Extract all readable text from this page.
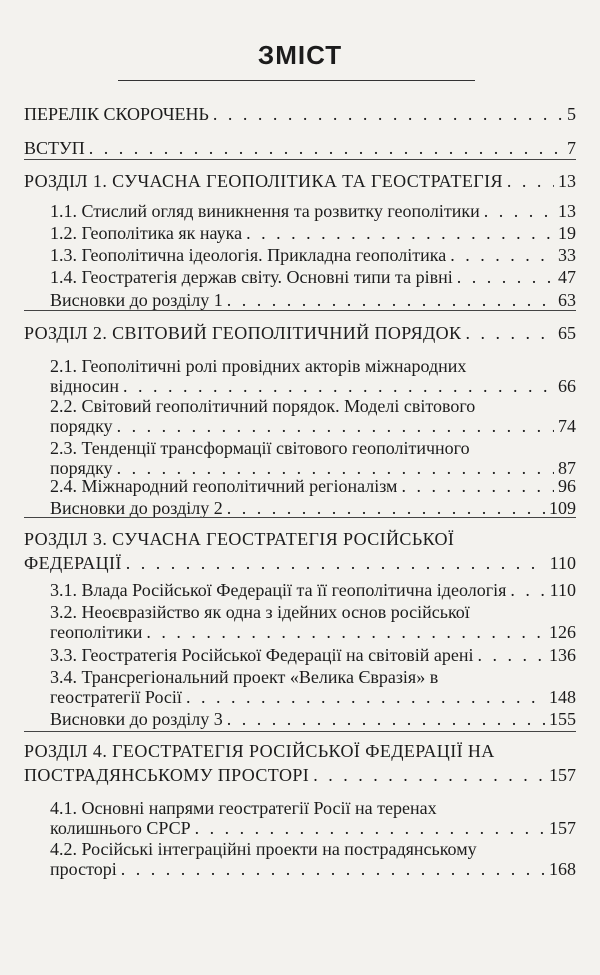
ЗМІСТ
ПЕРЕЛІК СКОРОЧЕНЬ . . .	5
ВСТУП . . .	7
РОЗДІЛ 1. СУЧАСНА ГЕОПОЛІТИКА ТА ГЕОСТРАТЕГІЯ . . .	13
1.1. Стислий огляд виникнення та розвитку геополітики . . .	13
1.2. Геополітика як наука . . .	19
1.3. Геополітична ідеологія. Прикладна геополітика . . .	33
1.4. Геостратегія держав світу. Основні типи та рівні . . .	47
Висновки до розділу 1 . . .	63
РОЗДІЛ 2. СВІТОВИЙ ГЕОПОЛІТИЧНИЙ ПОРЯДОК . . .	65
2.1. Геополітичні ролі провідних акторів міжнародних
відносин . . .	66
2.2. Світовий геополітичний порядок. Моделі світового
порядку . . .	74
2.3. Тенденції трансформації світового геополітичного
порядку . . .	87
2.4. Міжнародний геополітичний регіоналізм . . .	96
Висновки до розділу 2 . . .	109
РОЗДІЛ 3. СУЧАСНА ГЕОСТРАТЕГІЯ РОСІЙСЬКОЇ
ФЕДЕРАЦІЇ . . .	110
3.1. Влада Російської Федерації та її геополітична ідеологія . . . 110
3.2. Неоєвразійство як одна з ідейних основ російської
геополітики . . .	126
3.3. Геостратегія Російської Федерації на світовій арені . . .	136
3.4. Трансрегіональний проект «Велика Євразія» в
геостратегії Росії . . .	148
Висновки до розділу 3 . . .	155
РОЗДІЛ 4. ГЕОСТРАТЕГІЯ РОСІЙСЬКОЇ ФЕДЕРАЦІЇ НА
ПОСТРАДЯНСЬКОМУ ПРОСТОРІ . . .	157
4.1. Основні напрями геостратегії Росії на теренах
колишнього СРСР . . .	157
4.2. Російські інтеграційні проекти на пострадянському
просторі . . .	168
